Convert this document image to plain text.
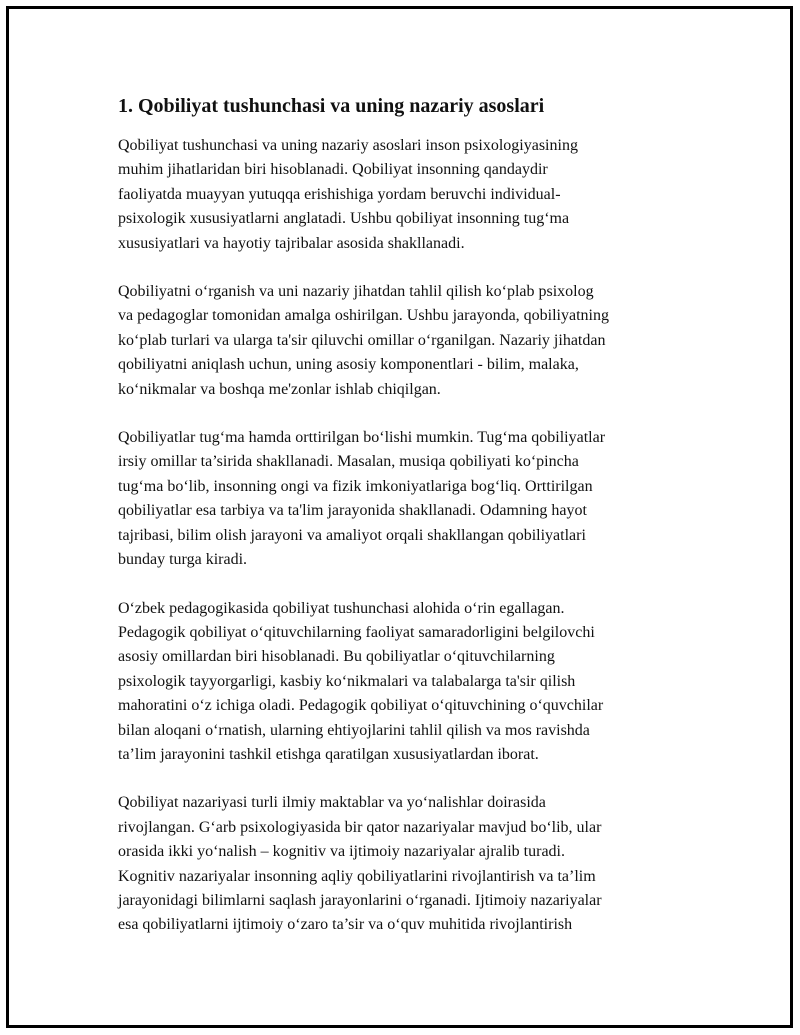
1. Qobiliyat tushunchasi va uning nazariy asoslari

Qobiliyat tushunchasi va uning nazariy asoslari inson psixologiyasining
muhim jihatlaridan biri hisoblanadi. Qobiliyat insonning qandaydir
faoliyatda muayyan yutuqqa erishishiga yordam beruvchi individual-
psixologik xususiyatlarni anglatadi. Ushbu qobiliyat insonning tug‘ma
xususiyatlari va hayotiy tajribalar asosida shakllanadi.

Qobiliyatni o‘rganish va uni nazariy jihatdan tahlil qilish ko‘plab psixolog
va pedagoglar tomonidan amalga oshirilgan. Ushbu jarayonda, qobiliyatning
ko‘plab turlari va ularga ta'sir qiluvchi omillar o‘rganilgan. Nazariy jihatdan
qobiliyatni aniqlash uchun, uning asosiy komponentlari - bilim, malaka,
ko‘nikmalar va boshqa me'zonlar ishlab chiqilgan.

Qobiliyatlar tug‘ma hamda orttirilgan bo‘lishi mumkin. Tug‘ma qobiliyatlar
irsiy omillar ta’sirida shakllanadi. Masalan, musiqa qobiliyati ko‘pincha
tug‘ma bo‘lib, insonning ongi va fizik imkoniyatlariga bog‘liq. Orttirilgan
qobiliyatlar esa tarbiya va ta'lim jarayonida shakllanadi. Odamning hayot
tajribasi, bilim olish jarayoni va amaliyot orqali shakllangan qobiliyatlari
bunday turga kiradi.

O‘zbek pedagogikasida qobiliyat tushunchasi alohida o‘rin egallagan.
Pedagogik qobiliyat o‘qituvchilarning faoliyat samaradorligini belgilovchi
asosiy omillardan biri hisoblanadi. Bu qobiliyatlar o‘qituvchilarning
psixologik tayyorgarligi, kasbiy ko‘nikmalari va talabalarga ta'sir qilish
mahoratini o‘z ichiga oladi. Pedagogik qobiliyat o‘qituvchining o‘quvchilar
bilan aloqani o‘rnatish, ularning ehtiyojlarini tahlil qilish va mos ravishda
ta’lim jarayonini tashkil etishga qaratilgan xususiyatlardan iborat.

Qobiliyat nazariyasi turli ilmiy maktablar va yo‘nalishlar doirasida
rivojlangan. G‘arb psixologiyasida bir qator nazariyalar mavjud bo‘lib, ular
orasida ikki yo‘nalish – kognitiv va ijtimoiy nazariyalar ajralib turadi.
Kognitiv nazariyalar insonning aqliy qobiliyatlarini rivojlantirish va ta’lim
jarayonidagi bilimlarni saqlash jarayonlarini o‘rganadi. Ijtimoiy nazariyalar
esa qobiliyatlarni ijtimoiy o‘zaro ta’sir va o‘quv muhitida rivojlantirish
